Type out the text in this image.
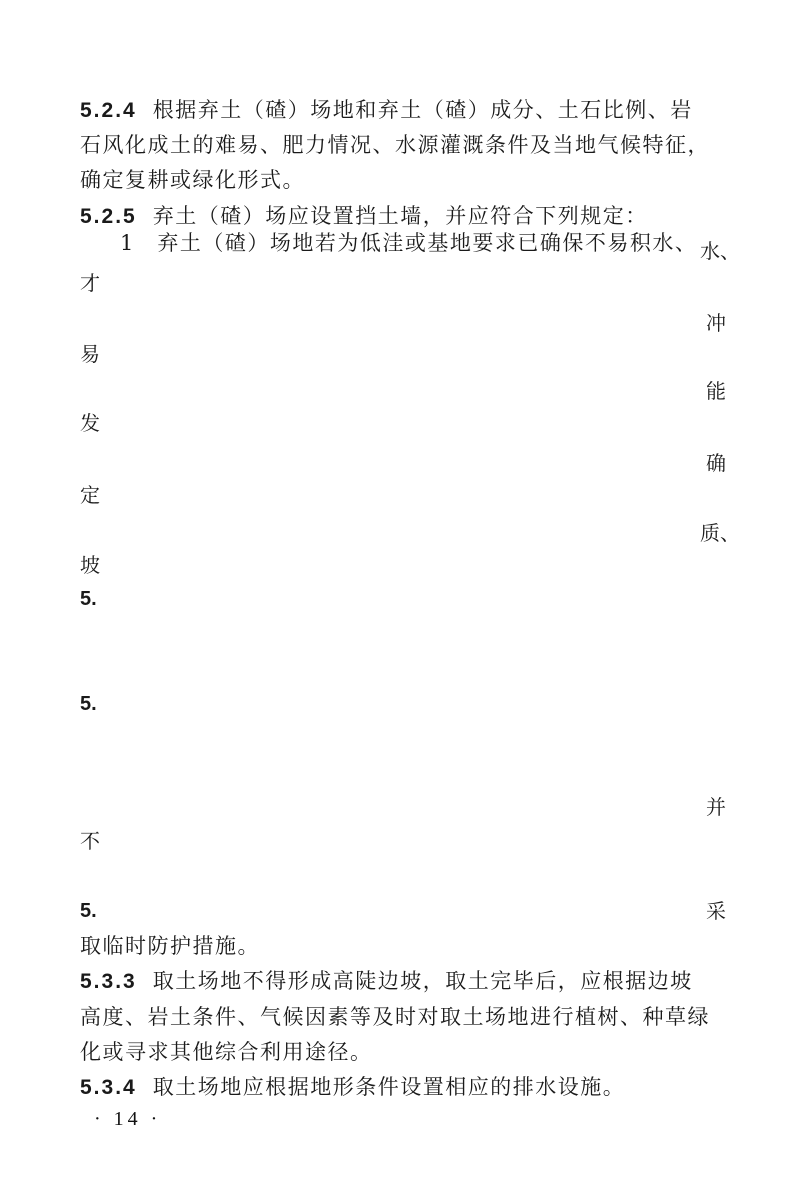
5.2.4 根据弃土（碴）场地和弃土（碴）成分、土石比例、岩
石风化成土的难易、肥力情况、水源灌溉条件及当地气候特征，
确定复耕或绿化形式。
5.2.5 弃土（碴）场应设置挡土墙，并应符合下列规定：
1　弃土（碴）场地若为低洼或基地要求已确保不易积水、
才
易
发
定
坡
5.
5.
不
5.
水、
冲
能
确
质、
并
采
取临时防护措施。
5.3.3 取土场地不得形成高陡边坡，取土完毕后，应根据边坡
高度、岩土条件、气候因素等及时对取土场地进行植树、种草绿
化或寻求其他综合利用途径。
5.3.4 取土场地应根据地形条件设置相应的排水设施。
· 14 ·
